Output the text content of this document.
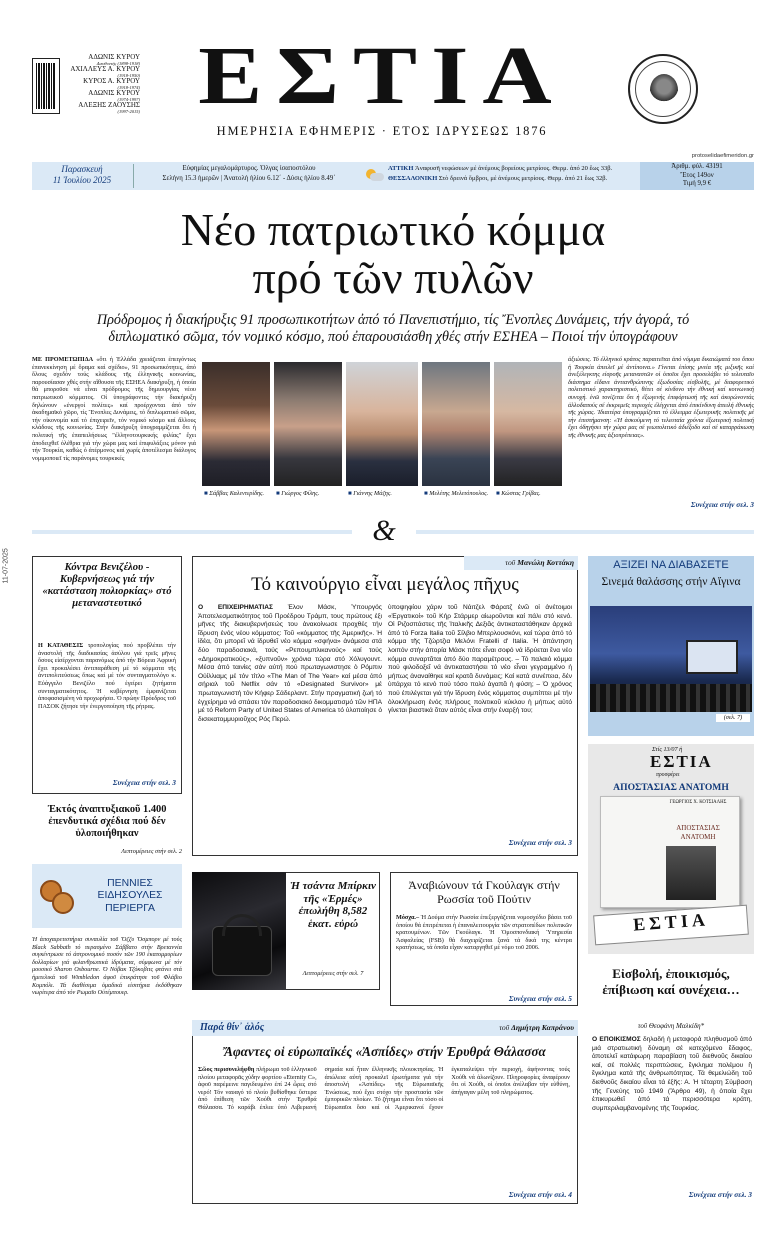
11-07-2025
ΑΔΩΝΙΣ ΚΥΡΟΥ
Διευθυντής (1898-1918)
ΑΧΙΛΛΕΥΣ Α. ΚΥΡΟΥ
(1918-1950)
ΚΥΡΟΣ Α. ΚΥΡΟΥ
(1918-1974)
ΑΔΩΝΙΣ ΚΥΡΟΥ
(1974-1997)
ΑΛΕΞΗΣ ΖΑΟΥΣΗΣ
(1997-2015) ΕΣΤΙΑ
ΗΜΕΡΗΣΙΑ ΕΦΗΜΕΡΙΣ · ΕΤΟΣ ΙΔΡΥΣΕΩΣ 1876
protoselidaefimeridon.gr
Παρασκευή
11 Ἰουλίου 2025
Εὐφημίας μεγαλομάρτυρος. Ὀλγας ἰσαποστόλου
Σελήνη 15.3 ἡμερῶν | Ἀνατολή ἡλίου 6.12΄ - Δύσις ἡλίου 8.49΄
ΑΤΤΙΚΗ Ἀναφυσῆ νεφώσεων μέ ἀνέμους βορείους μετρίους. Θερμ. ἀπό 20 ἕως 33β.
ΘΕΣΣΑΛΟΝΙΚΗ Στὸ δρεινά ὄμβροι, μέ ἀνέμους μετρίους. Θερμ. ἀπό 21 ἕως 32β.
Ἀριθμ. φύλ. 43191
Ἔτος 149ον
Τιμή 9,9 €
Νέο πατριωτικό κόμμα
πρό τῶν πυλῶν
Πρόδρομος ἡ διακήρυξις 91 προσωπικοτήτων ἀπό τό Πανεπιστήμιο, τίς Ἔνοπλες Δυνάμεις, τήν ἀγορά, τό διπλωματικό σῶμα, τόν νομικό κόσμο, πού ἐπαρουσιάσθη χθές στήν ΕΣΗΕΑ – Ποιοί τήν ὑπογράφουν
ΜΕ ΠΡΟΜΕΤΩΠΙΔΑ «ὅτι ἡ Ἑλλάδα χρειάζεται ἐπειγόντως ἐπανεκκίνηση μέ ὅραμα καί σχέδιο», 91 προσωπικότητες, ἀπό ὅλους σχεδόν τούς κλάδους τῆς ἑλληνικῆς κοινωνίας, παρουσίασαν χθές στήν αἴθουσα τῆς ΕΣΗΕΑ διακήρυξη, ἡ ὁποία θά μποροῦσε νά εἶναι πρόδρομος τῆς δημιουργίας νέου πατριωτικοῦ κόμματος. Οἱ ὑπογράφοντες τήν διακήρυξη δηλώνουν «ἐνεργοί πολίτες» καί προέρχονται ἀπό τόν ἀκαδημαϊκό χῶρο, τίς Ἔνοπλες Δυνάμεις, τό διπλωματικό σῶμα, τήν οἰκονομία καί τό ἐπιχειρεῖν, τόν νομικό κόσμο καί ἄλλους κλάδους τῆς κοινωνίας. Στήν διακήρυξη ὑπογραμμίζεται ὅτι ἡ πολιτική τῆς ἐπαπειλήσεως "ἐλληνοτουρκικής φιλίας" ἔχει ἀποδειχθεῖ ὀλέθρια γιά τήν χώρα μας καί ἐπιφυλάξεις μόνον γιά τήν Τουρκία, καθώς ὁ ἀτέρμονος καί χωρίς ἀποτέλεσμα διάλογος νομιμοποιεῖ τίς παράνομες τουρκικές
■ Σάββας Καλεντερίδης.	■ Γιώργος Φίλης.	■ Γιάννης Μάζης.	■ Μελέτης Μελετόπουλος. ■ Κώστας Γρίβας.
ἀξιώσεις. Τό ἐλληνικό κράτος παραιτεῖται ἀπό νόμιμα δικαιώματά του ὅπου ἡ Τουρκία ἀπειλεῖ μέ ἀντίποινα.» Γίνεται ἐπίσης μνεία τῆς μιξικῆς καί ἀνεξέλεγκτης εἰσροῆς μεταναστῶν οἱ ὁποῖοι ἔχει προσελάβει τό τελευταῖο διάστημα εἴδανε ἀντιανθρώπινης ἐξωδοσίας εἰσβολῆς, μέ διαφορετικό πολιτιστικό χαρακτηριστικό, θέτει σέ κίνδυνο τήν ἐθνική καί κοινωνική συνοχή. ἐνῶ τονίζεται ὅτι ἡ ἐξωγενής ἐπιφόρτωσή τῆς καί ἀκυρώνοντάς ἀλλοδαπούς σέ ἐκκρεμεῖς περιοχές ἐλέγχεται ἀπό ἐπικίνδυνη ἀπειλή ἐθνικής τῆς χώρας. Ἰδιαιτέρα ὑπογραμμίζεται τό ἐλλειμμα ἐξωτερικῆς πολιτικῆς μέ τήν ἐπιστήμανση: «Ἡ ἀσκούμενη τό τελευταία χρόνια ἐξωτερική πολιτική ἔχει ὁδηγήσει τήν χώρα μας σέ γεωπολιτικό ἀδιέξοδο καί σέ καταρράκωση τῆς ἐθνικῆς μας ἀξιοπρέπειας».
Συνέχεια στήν σελ. 3
&
Κόντρα Βενιζέλου - Κυβερνήσεως γιά τήν «κατάσταση πολιορκίας» στό μεταναστευτικό
Η ΚΑΤΑΘΕΣΙΣ τροπολογίας πού προβλέπει τήν ἀναστολή τῆς διαδικασίας ἀσύλου γιά τρεῖς μῆνες ὅσους εἰσέρχονται παρανόμως ἀπό τήν Βόρεια Ἀφρική ἔχει προκαλέσει ἀντιπαράθεση μέ τό κόμματα τῆς ἀντιπολιτεύσεως ὅπως καί μέ τόν συνταγματολόγο κ. Εὐάγγελο Βενιζέλο πού ἐγείρει ζητήματα συνταγματικότητος. Ἡ κυβέρνηση ἐμφανίζεται ἀποφασισμένη νά προχωρήσει. Ὁ πρώην Πρόεδρος τοῦ ΠΑΣΟΚ ζήτησε τήν ἐνεργοποίηση τῆς ρήτρας.
Συνέχεια στήν σελ. 3
Ἐκτός ἀναπτυξιακοῦ 1.400 ἐπενδυτικά σχέδια πού δέν ὑλοποιήθηκαν
Λεπτομέρειες στήν σελ. 2
ΠΕΝΝΙΕΣ ΕΙΔΗΣΟΥΛΕΣ ΠΕΡΙΕΡΓΑ
Ἡ ἀποχαιρετιστήρια συναυλία τοῦ Ὄζζυ Ὄσμπορν μέ τούς Black Sabbath τό περασμένο Σάββατο στήν Βρεταννία συγκέντρωσε τό ἀστρονομικό ποσόν τῶν 190 ἑκατομμυρίων δολλαρίων γιά φιλανθρωπικά ἱδρύματα, σύμφωνα μέ τόν μουσικό Sharon Osbourne. Ὁ Νόβακ Τζόκοβιτς φτάνει στά ἡμιτελικά τοῦ Wimbledon ἀφοῦ ἐπικράτησε τοῦ Φλάβιο Κομπόλι. Τά διαθέσιμα ὀμαδικά εἰσιτήρια ἐκδόθηκαν νωρίτερα ἀπό τόν Ρωμαῖο Οὐτέμπουερ.
τοῦ Μανώλη Κοττάκη
Τό καινούργιο εἶναι μεγάλος πῆχυς
Ο ΕΠΙΧΕΙΡΗΜΑΤΙΑΣ Ἐλον Μάσκ, Ὑπουργός Ἀποτελεσματικότητος τοῦ Προέδρου Τράμπ, τους πρώτους ἑξι μῆνες τῆς διακυβερνήσεώς του ἀνακοίνωσε προχθές τήν ἵδρυση ἑνός νέου κόμματος: Τοῦ «κόμματος τῆς Ἀμερικῆς». Ἡ ἰδέα, ὅτι μπορεῖ νά ἱδρυθεῖ νέο κόμμα «σφήνα» ἀνάμεσα στά δύο παραδοσιακά, τούς «Ρεπουμπλικανούς» καί τούς «Δημοκρατικούς», «ξυπνοῦν» χρόνια τώρα στό Χόλυγουντ. Μέσα ἀπό ταινίες σάν αὐτή πού πρωταγωνιστησε ὁ Ρόμπιν Οὐίλλιαμς μέ τόν τίτλο «The Man of The Year» καί μέσα ἀπό σήριαλ τοῦ Netflix σάν τό «Designated Survivor» μέ πρωταγωνιστή τόν Κήφερ Σάδερλαντ. Στήν πραγματική ζωή τό ἐγχείρημα νά σπάσει τόν παραδοσιακό δικομματισμό τῶν ΗΠΑ μέ τό Reform Party of United States of America τό ὑλοποίησε ὁ δισεκατομμυριοῦχος Ρός Περώ.
ὑποψηφίου χάριν τοῦ Νάιτζελ Φάρατζ ἐνῶ οἱ ἀνέτοιμοι «Ἐργατικοί» τοῦ Κήρ Στάρμερ αἰωροῦνται καί πάλι στό κενό. Οἱ Ριζοσπάστες τῆς Ἰταλικῆς Δεξιᾶς ἀντικαταστάθηκαν ἀρχικά ἀπό τό Forza Italia τοῦ Σίλβιο Μπερλουσκόνι, καί τώρα ἀπό τό κόμμα τῆς Τζώρτζια Μελόνι Fratelli d' Italia. Ἡ ἀπάντηση λοιπόν στήν ἀπορία Μάσκ πότε εἶναι σοφό νά ἱδρύεται ἕνα νέο κόμμα συναρτᾶται ἀπό δύο παραμέτρους. – Τό παλαιό κόμμα πού φιλοδοξεῖ νά ἀντικαταστήσει τό νέο εἶναι γεγραμμένο ἡ μήπως ἀναναίθηκε καί κρατᾶ δυνάμεις; Καί κατά συνέπεια, δέν ὑπάρχει τό κενό πού τόσο πολύ ἀγαπᾶ ἡ φύση; – Ὁ χρόνος πού ἐπιλέγεται γιά τήν ἵδρυση ἑνός κόμματος συμπίπτει μέ τήν ὁλοκλήρωση ἑνός πλήρους πολιτικοῦ κύκλου ἡ μήπως αὐτό γίνεται βιαστικά ὅταν αὐτός εἶναι στήν ἐναρξή του;
Συνέχεια στήν σελ. 3
Ἡ τσάντα Μπίρκιν τῆς «Ἑρμές» ἐπωλήθη 8,582 ἑκατ. εὐρώ
Λεπτομέρειες στήν σελ. 7
Ἀναβιώνουν τά Γκούλαγκ στήν Ρωσσία τοῦ Πούτιν
Μόσχα.– Ἡ Δούμα στήν Ρωσσία ἐπεξεργάζεται νομοσχέδιο βάσει τοῦ ὁποίου θά ἐπιτρέπεται ἡ ἐπαναλειτουργία τῶν στρατοπέδων πολιτικῶν κρατουμένων. Τῶν Γκούλαγκ. Ἡ Ὁμοσπονδιακή Ὑπηρεσία Ἀσφαλείας (FSB) θά διαχειρίζεται ξανά τά δικά της κέντρα κρατήσεως, τά ὁποῖα εἶχαν καταργηθεῖ μέ νόμο τοῦ 2006.
Συνέχεια στήν σελ. 5
Παρά θίν᾽ ἁλός	τοῦ Δημήτρη Καπράνου
Ἄφαντες οἱ εὐρωπαϊκές «Ἀσπίδες» στήν Ἐρυθρά Θάλασσα
Σῶος περισυνελήφθη πλήρωμα τοῦ ἑλληνικοῦ πλοίου μεταφορᾶς χύδην φορτίου «Eternity C», ἀφοῦ παρέμεινε παγιδευμένο ἐπί 24 ὧρες στό νερό! Τόν ναυαγό τό πλοίο βυθίσθηκε ὕστερα ἀπό ἐπίθεση τῶν Χούθι στήν Ἐρυθρά Θάλασσα. Τό καράβι ἐπλεε ὑπό Λιβεριανή σημαία καί ἦταν ἑλληνικῆς πλοιοκτησίας. Ἡ ἀπώλεια αὐτή προκαλεῖ ἐρωτήματα γιά τήν ἀποστολή «Ἀσπίδες» τῆς Εὐρωπαϊκῆς Ἑνώσεως, πού ἔχει στόχο τήν προστασία τῶν ἐμπορικῶν πλοίων. Τό ζήτημα εἶναι ὅτι τόσο οἱ Εὐρωπαῖοι ὅσο καί οἱ Ἀμερικανοί ἔχουν ἐγκαταλείψει τήν περιοχή, ἀφήνοντας τούς Χούθι νά ἀλωνίζουν. Πληροφορίες ἀναφέρουν ὅτι οἱ Χούθι, οἱ ὁποῖοι ἀνέλαβαν τήν εὐθύνη, ἀπήγαγαν μέλη τοῦ πληρώματος.
Συνέχεια στήν σελ. 4
ΑΞΙΖΕΙ ΝΑ ΔΙΑΒΑΣΕΤΕ
Σινεμά θαλάσσης στήν Αἴγινα
(σελ. 7)
Στίς 13/07 ἡ
ΕΣΤΙΑ
προσφέρει
ΑΠΟΣΤΑΣΙΑΣ ΑΝΑΤΟΜΗ
ΓΕΩΡΓΙΟΣ Χ. ΚΟΤΣΙΑΛΗΣ
ΑΠΟΣΤΑΣΙΑΣ ΑΝΑΤΟΜΗ
ΕΣΤΙΑ
Εἰσβολή, ἐποικισμός, ἐπίβιωση καί συνέχεια…
τοῦ Θεοφάνη Μαλκίδη*
Ο ΕΠΟΙΚΙΣΜΟΣ δηλαδή ἡ μεταφορά πληθυσμοῦ ἀπό μιά στρατιωτική δύναμη σέ κατεχόμενο ἔδαφος, ἀποτελεῖ κατάφωρη παραβίαση τοῦ διεθνοῦς δικαίου καί, σέ πολλές περιπτώσεις, ἔγκλημα πολέμου ἢ ἔγκλημα κατά τῆς ἀνθρωπότητας. Τά θεμελιώδη τοῦ διεθνοῦς δικαίου εἶναι τά ἑξῆς: Α. Ἡ τέταρτη Σύμβαση τῆς Γενεύης τοῦ 1949 (Ἄρθρο 49), ἡ ὁποία ἔχει ἐπικυρωθεῖ ἀπό τά περισσότερα κράτη, συμπεριλαμβανομένης τῆς Τουρκίας.
Συνέχεια στήν σελ. 3
